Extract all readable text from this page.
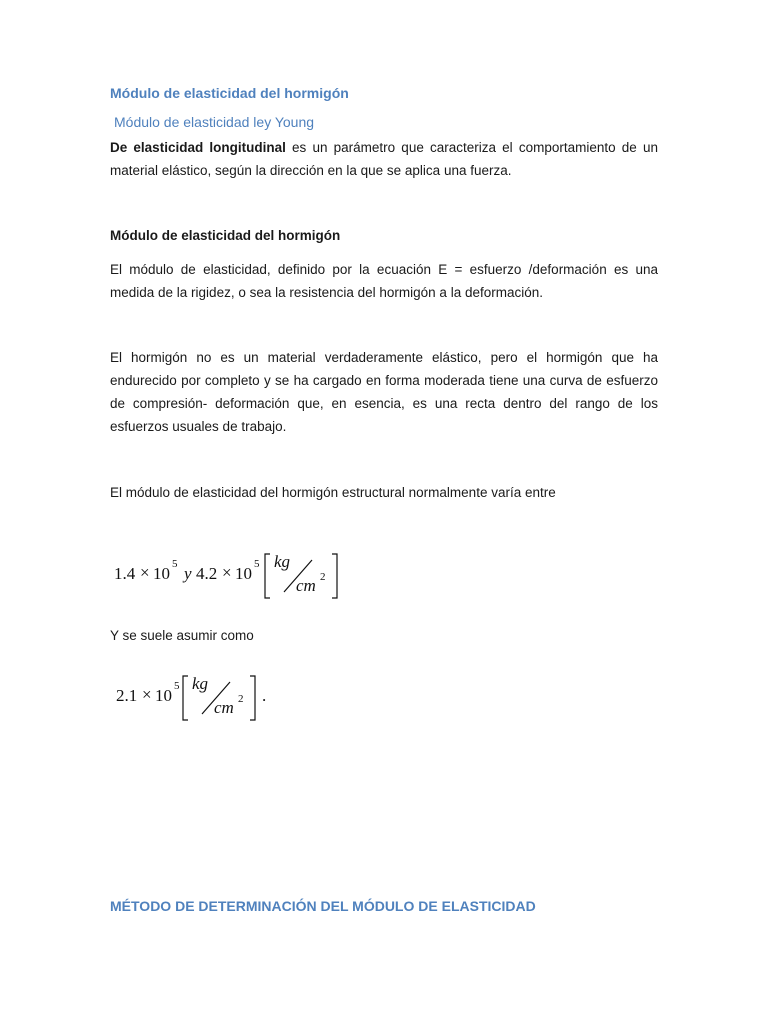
Módulo de elasticidad del hormigón
Módulo de elasticidad ley Young
De elasticidad longitudinal es un parámetro que caracteriza el comportamiento de un material elástico, según la dirección en la que se aplica una fuerza.
Módulo de elasticidad del hormigón
El módulo de elasticidad, definido por la ecuación E = esfuerzo /deformación es una medida de la rigidez, o sea la resistencia del hormigón a la deformación.
El hormigón no es un material verdaderamente elástico, pero el hormigón que ha endurecido por completo y se ha cargado en forma moderada tiene una curva de esfuerzo de compresión- deformación que, en esencia, es una recta dentro del rango de los esfuerzos usuales de trabajo.
El módulo de elasticidad del hormigón estructural normalmente varía entre
1.4 × 10 5 y 4.2 × 10 5 kg
cm 2
Y se suele asumir como
2.1 × 10 5 kg
cm 2 .
MÉTODO DE DETERMINACIÓN DEL MÓDULO DE ELASTICIDAD
